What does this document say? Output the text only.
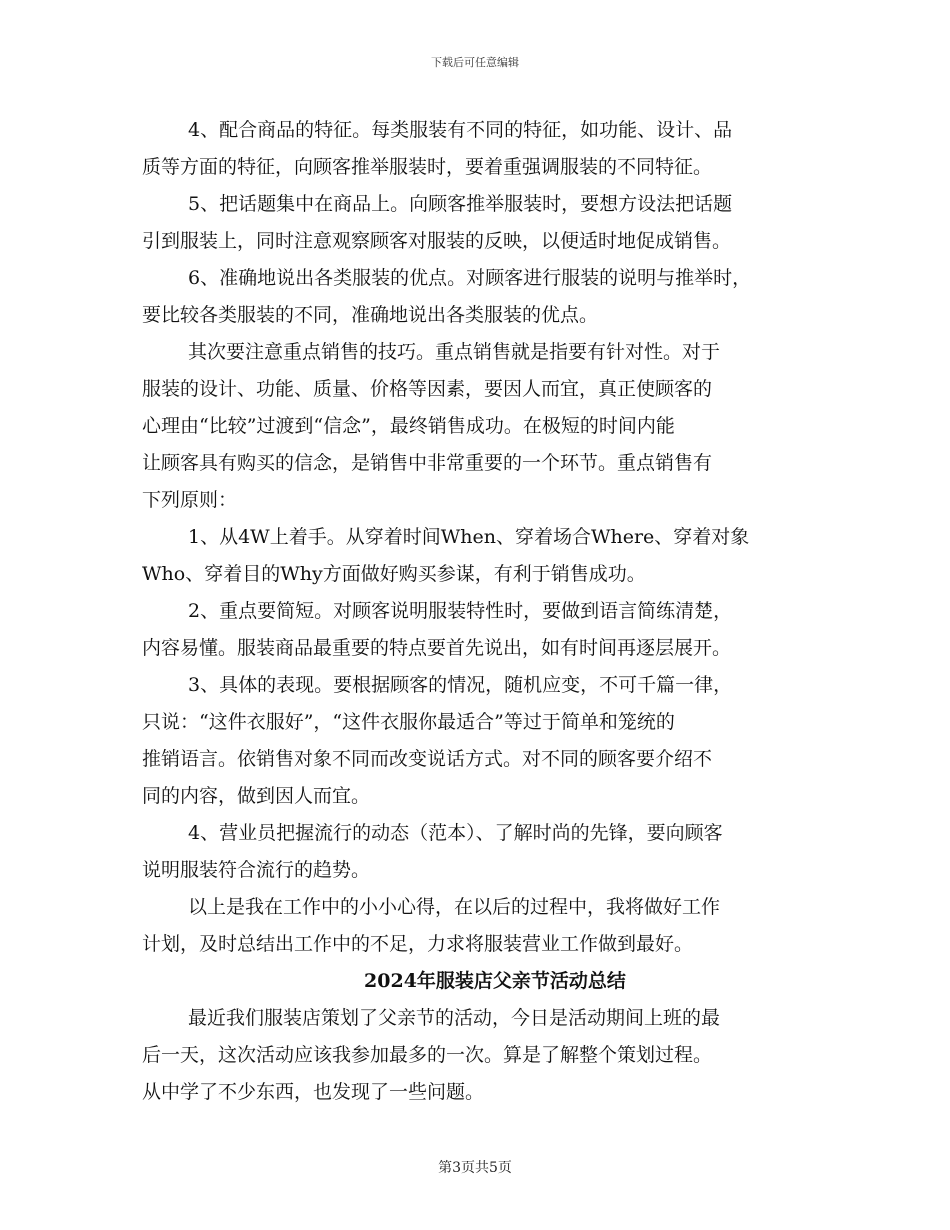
下载后可任意编辑
4、配合商品的特征。每类服装有不同的特征，如功能、设计、品
质等方面的特征，向顾客推举服装时，要着重强调服装的不同特征。
5、把话题集中在商品上。向顾客推举服装时，要想方设法把话题
引到服装上，同时注意观察顾客对服装的反映，以便适时地促成销售。
6、准确地说出各类服装的优点。对顾客进行服装的说明与推举时，
要比较各类服装的不同，准确地说出各类服装的优点。
其次要注意重点销售的技巧。重点销售就是指要有针对性。对于
服装的设计、功能、质量、价格等因素，要因人而宜，真正使顾客的
心理由“比较”过渡到“信念”，最终销售成功。在极短的时间内能
让顾客具有购买的信念，是销售中非常重要的一个环节。重点销售有
下列原则：
1、从4W上着手。从穿着时间When、穿着场合Where、穿着对象
Who、穿着目的Why方面做好购买参谋，有利于销售成功。
2、重点要简短。对顾客说明服装特性时，要做到语言简练清楚，
内容易懂。服装商品最重要的特点要首先说出，如有时间再逐层展开。
3、具体的表现。要根据顾客的情况，随机应变，不可千篇一律，
只说：“这件衣服好”，“这件衣服你最适合”等过于简单和笼统的
推销语言。依销售对象不同而改变说话方式。对不同的顾客要介绍不
同的内容，做到因人而宜。
4、营业员把握流行的动态（范本）、了解时尚的先锋，要向顾客
说明服装符合流行的趋势。
以上是我在工作中的小小心得，在以后的过程中，我将做好工作
计划，及时总结出工作中的不足，力求将服装营业工作做到最好。
2024年服装店父亲节活动总结
最近我们服装店策划了父亲节的活动，今日是活动期间上班的最
后一天，这次活动应该我参加最多的一次。算是了解整个策划过程。
从中学了不少东西，也发现了一些问题。
第3页共5页
